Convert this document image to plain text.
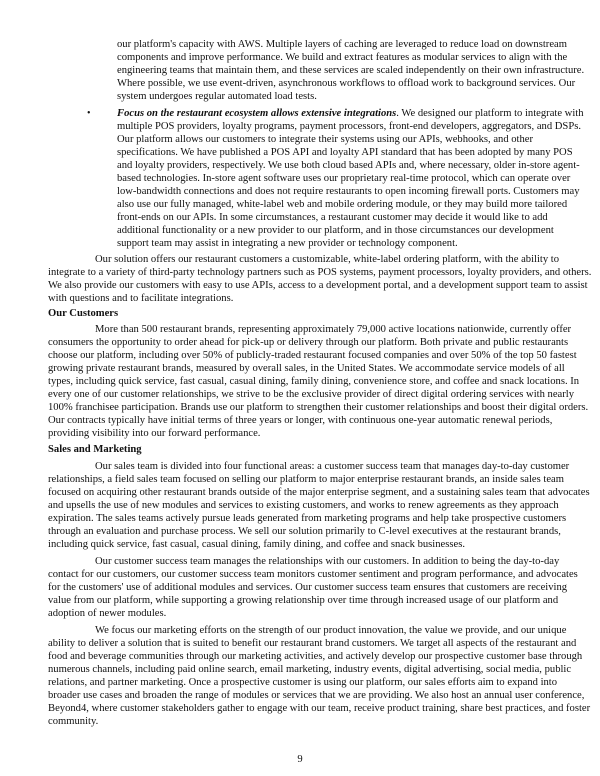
our platform's capacity with AWS. Multiple layers of caching are leveraged to reduce load on downstream
components and improve performance. We build and extract features as modular services to align with the
engineering teams that maintain them, and these services are scaled independently on their own infrastructure.
Where possible, we use event-driven, asynchronous workflows to offload work to background services. Our
system undergoes regular automated load tests.
• Focus on the restaurant ecosystem allows extensive integrations. We designed our platform to integrate with
multiple POS providers, loyalty programs, payment processors, front-end developers, aggregators, and DSPs.
Our platform allows our customers to integrate their systems using our APIs, webhooks, and other
specifications. We have published a POS API and loyalty API standard that has been adopted by many POS
and loyalty providers, respectively. We use both cloud based APIs and, where necessary, older in-store agent-
based technologies. In-store agent software uses our proprietary real-time protocol, which can operate over
low-bandwidth connections and does not require restaurants to open incoming firewall ports. Customers may
also use our fully managed, white-label web and mobile ordering module, or they may build more tailored
front-ends on our APIs. In some circumstances, a restaurant customer may decide it would like to add
additional functionality or a new provider to our platform, and in those circumstances our development
support team may assist in integrating a new provider or technology component.
Our solution offers our restaurant customers a customizable, white-label ordering platform, with the ability to
integrate to a variety of third-party technology partners such as POS systems, payment processors, loyalty providers, and others.
We also provide our customers with easy to use APIs, access to a development portal, and a development support team to assist
with questions and to facilitate integrations.
Our Customers
More than 500 restaurant brands, representing approximately 79,000 active locations nationwide, currently offer
consumers the opportunity to order ahead for pick-up or delivery through our platform. Both private and public restaurants
choose our platform, including over 50% of publicly-traded restaurant focused companies and over 50% of the top 50 fastest
growing private restaurant brands, measured by overall sales, in the United States. We accommodate service models of all
types, including quick service, fast casual, casual dining, family dining, convenience store, and coffee and snack locations. In
every one of our customer relationships, we strive to be the exclusive provider of direct digital ordering services with nearly
100% franchisee participation. Brands use our platform to strengthen their customer relationships and boost their digital orders.
Our contracts typically have initial terms of three years or longer, with continuous one-year automatic renewal periods,
providing visibility into our forward performance.
Sales and Marketing
Our sales team is divided into four functional areas: a customer success team that manages day-to-day customer
relationships, a field sales team focused on selling our platform to major enterprise restaurant brands, an inside sales team
focused on acquiring other restaurant brands outside of the major enterprise segment, and a sustaining sales team that advocates
and upsells the use of new modules and services to existing customers, and works to renew agreements as they approach
expiration. The sales teams actively pursue leads generated from marketing programs and help take prospective customers
through an evaluation and purchase process. We sell our solution primarily to C-level executives at the restaurant brands,
including quick service, fast casual, casual dining, family dining, and coffee and snack businesses.
Our customer success team manages the relationships with our customers. In addition to being the day-to-day
contact for our customers, our customer success team monitors customer sentiment and program performance, and advocates
for the customers' use of additional modules and services. Our customer success team ensures that customers are receiving
value from our platform, while supporting a growing relationship over time through increased usage of our platform and
adoption of newer modules.
We focus our marketing efforts on the strength of our product innovation, the value we provide, and our unique
ability to deliver a solution that is suited to benefit our restaurant brand customers. We target all aspects of the restaurant and
food and beverage communities through our marketing activities, and actively develop our prospective customer base through
numerous channels, including paid online search, email marketing, industry events, digital advertising, social media, public
relations, and partner marketing. Once a prospective customer is using our platform, our sales efforts aim to expand into
broader use cases and broaden the range of modules or services that we are providing. We also host an annual user conference,
Beyond4, where customer stakeholders gather to engage with our team, receive product training, share best practices, and foster
community.
9
